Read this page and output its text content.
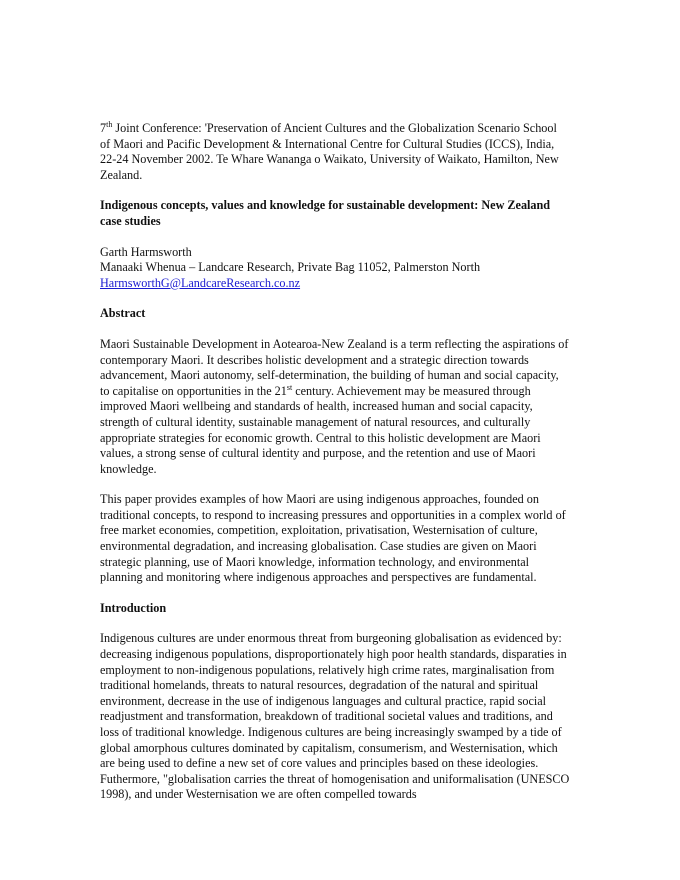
7th Joint Conference: 'Preservation of Ancient Cultures and the Globalization Scenario School of Maori and Pacific Development & International Centre for Cultural Studies (ICCS), India, 22-24 November 2002. Te Whare Wananga o Waikato, University of Waikato, Hamilton, New Zealand.

Indigenous concepts, values and knowledge for sustainable development: New Zealand case studies

Garth Harmsworth

Manaaki Whenua – Landcare Research, Private Bag 11052, Palmerston North

HarmsworthG@LandcareResearch.co.nz

Abstract

Maori Sustainable Development in Aotearoa-New Zealand is a term reflecting the aspirations of contemporary Maori. It describes holistic development and a strategic direction towards advancement, Maori autonomy, self-determination, the building of human and social capacity, to capitalise on opportunities in the 21st century. Achievement may be measured through improved Maori wellbeing and standards of health, increased human and social capacity, strength of cultural identity, sustainable management of natural resources, and culturally appropriate strategies for economic growth. Central to this holistic development are Maori values, a strong sense of cultural identity and purpose, and the retention and use of Maori knowledge.

This paper provides examples of how Maori are using indigenous approaches, founded on traditional concepts, to respond to increasing pressures and opportunities in a complex world of free market economies, competition, exploitation, privatisation, Westernisation of culture, environmental degradation, and increasing globalisation. Case studies are given on Maori strategic planning, use of Maori knowledge, information technology, and environmental planning and monitoring where indigenous approaches and perspectives are fundamental.

Introduction

Indigenous cultures are under enormous threat from burgeoning globalisation as evidenced by: decreasing indigenous populations, disproportionately high poor health standards, disparaties in employment to non-indigenous populations, relatively high crime rates, marginalisation from traditional homelands, threats to natural resources, degradation of the natural and spiritual environment, decrease in the use of indigenous languages and cultural practice, rapid social readjustment and transformation, breakdown of traditional societal values and traditions, and loss of traditional knowledge. Indigenous cultures are being increasingly swamped by a tide of global amorphous cultures dominated by capitalism, consumerism, and Westernisation, which are being used to define a new set of core values and principles based on these ideologies. Futhermore, "globalisation carries the threat of homogenisation and uniformalisation (UNESCO 1998), and under Westernisation we are often compelled towards
